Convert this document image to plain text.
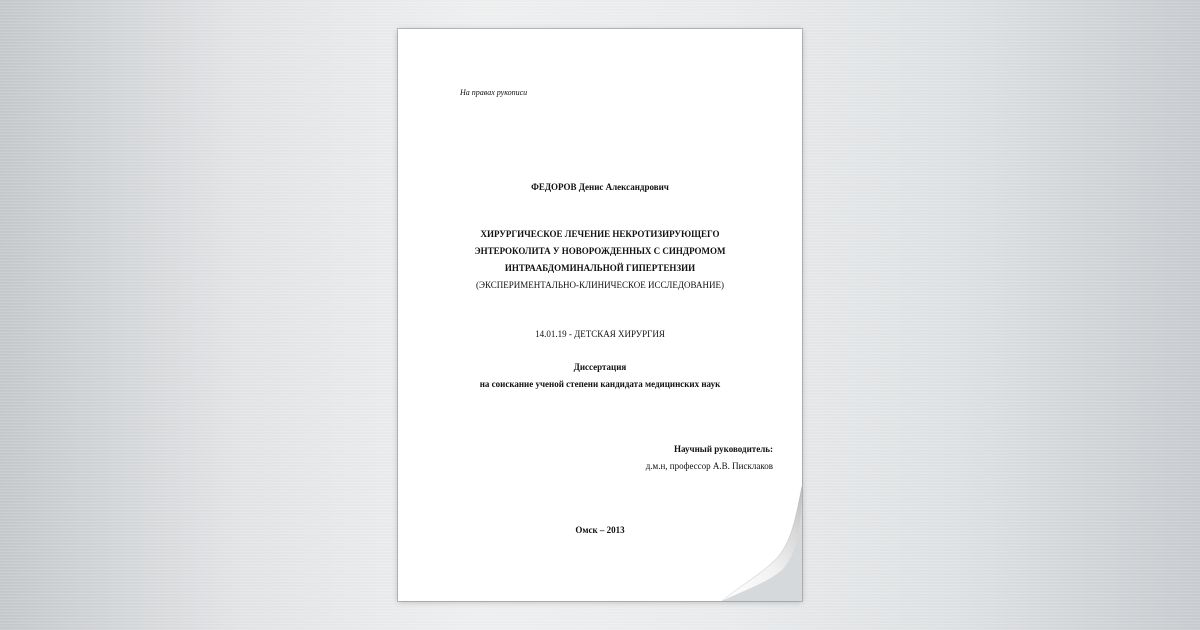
На правах рукописи
ФЕДОРОВ Денис Александрович
ХИРУРГИЧЕСКОЕ ЛЕЧЕНИЕ НЕКРОТИЗИРУЮЩЕГО
ЭНТЕРОКОЛИТА У НОВОРОЖДЕННЫХ С СИНДРОМОМ
ИНТРААБДОМИНАЛЬНОЙ ГИПЕРТЕНЗИИ
(ЭКСПЕРИМЕНТАЛЬНО-КЛИНИЧЕСКОЕ ИССЛЕДОВАНИЕ)
14.01.19 - ДЕТСКАЯ ХИРУРГИЯ
Диссертация
на соискание ученой степени кандидата медицинских наук
Научный руководитель:
д.м.н, профессор А.В. Писклаков
Омск – 2013
